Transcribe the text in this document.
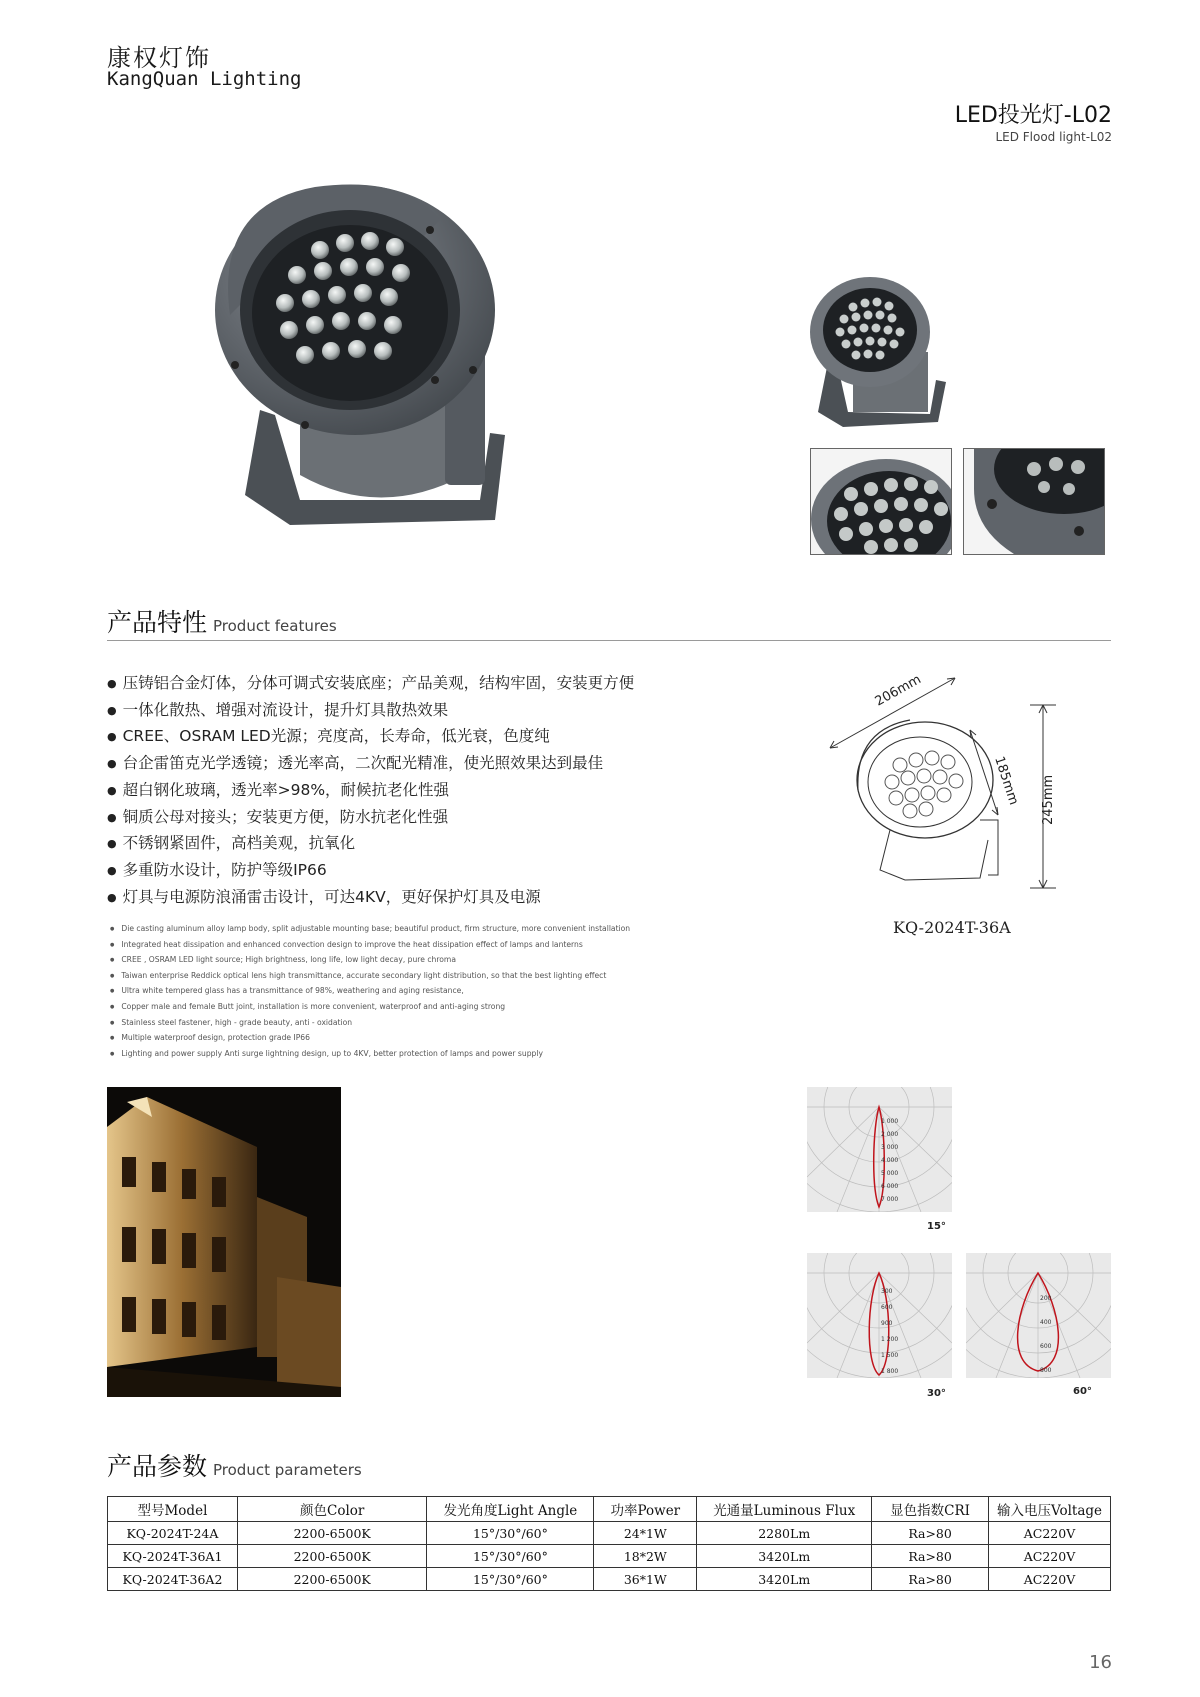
康权灯饰
KangQuan Lighting
LED投光灯-L02
LED Flood light-L02
产品特性 Product features
● 压铸铝合金灯体，分体可调式安装底座；产品美观，结构牢固，安装更方便
● 一体化散热、增强对流设计，提升灯具散热效果
● CREE、OSRAM LED光源；亮度高，长寿命，低光衰，色度纯
● 台企雷笛克光学透镜；透光率高，二次配光精准，使光照效果达到最佳
● 超白钢化玻璃，透光率>98%，耐候抗老化性强
● 铜质公母对接头；安装更方便，防水抗老化性强
● 不锈钢紧固件，高档美观，抗氧化
● 多重防水设计，防护等级IP66
● 灯具与电源防浪涌雷击设计，可达4KV，更好保护灯具及电源
● Die casting aluminum alloy lamp body, split adjustable mounting base; beautiful product, firm structure, more convenient installation
● Integrated heat dissipation and enhanced convection design to improve the heat dissipation effect of lamps and lanterns
● CREE , OSRAM LED light source; High brightness, long life, low light decay, pure chroma
● Taiwan enterprise Reddick optical lens high transmittance, accurate secondary light distribution, so that the best lighting effect
● Ultra white tempered glass has a transmittance of 98%, weathering and aging resistance,
● Copper male and female Butt joint, installation is more convenient, waterproof and anti-aging strong
● Stainless steel fastener, high - grade beauty, anti - oxidation
● Multiple waterproof design, protection grade IP66
● Lighting and power supply Anti surge lightning design, up to 4KV, better protection of lamps and power supply
206mm
185mm 245mm
KQ-2024T-36A
1 000
2 000
3 000
4 000
5 000
6 000
7 000
15°
300
600
900
1 200
1 500
1 800
30°
200
400
600
800
60°
产品参数 Product parameters
型号Model	颜色Color	发光角度Light Angle	功率Power	光通量Luminous Flux	显色指数CRI	输入电压Voltage
KQ-2024T-24A	2200-6500K	15°/30°/60°	24*1W	2280Lm	Ra>80	AC220V
KQ-2024T-36A1	2200-6500K	15°/30°/60°	18*2W	3420Lm	Ra>80	AC220V
KQ-2024T-36A2	2200-6500K	15°/30°/60°	36*1W	3420Lm	Ra>80	AC220V
16
